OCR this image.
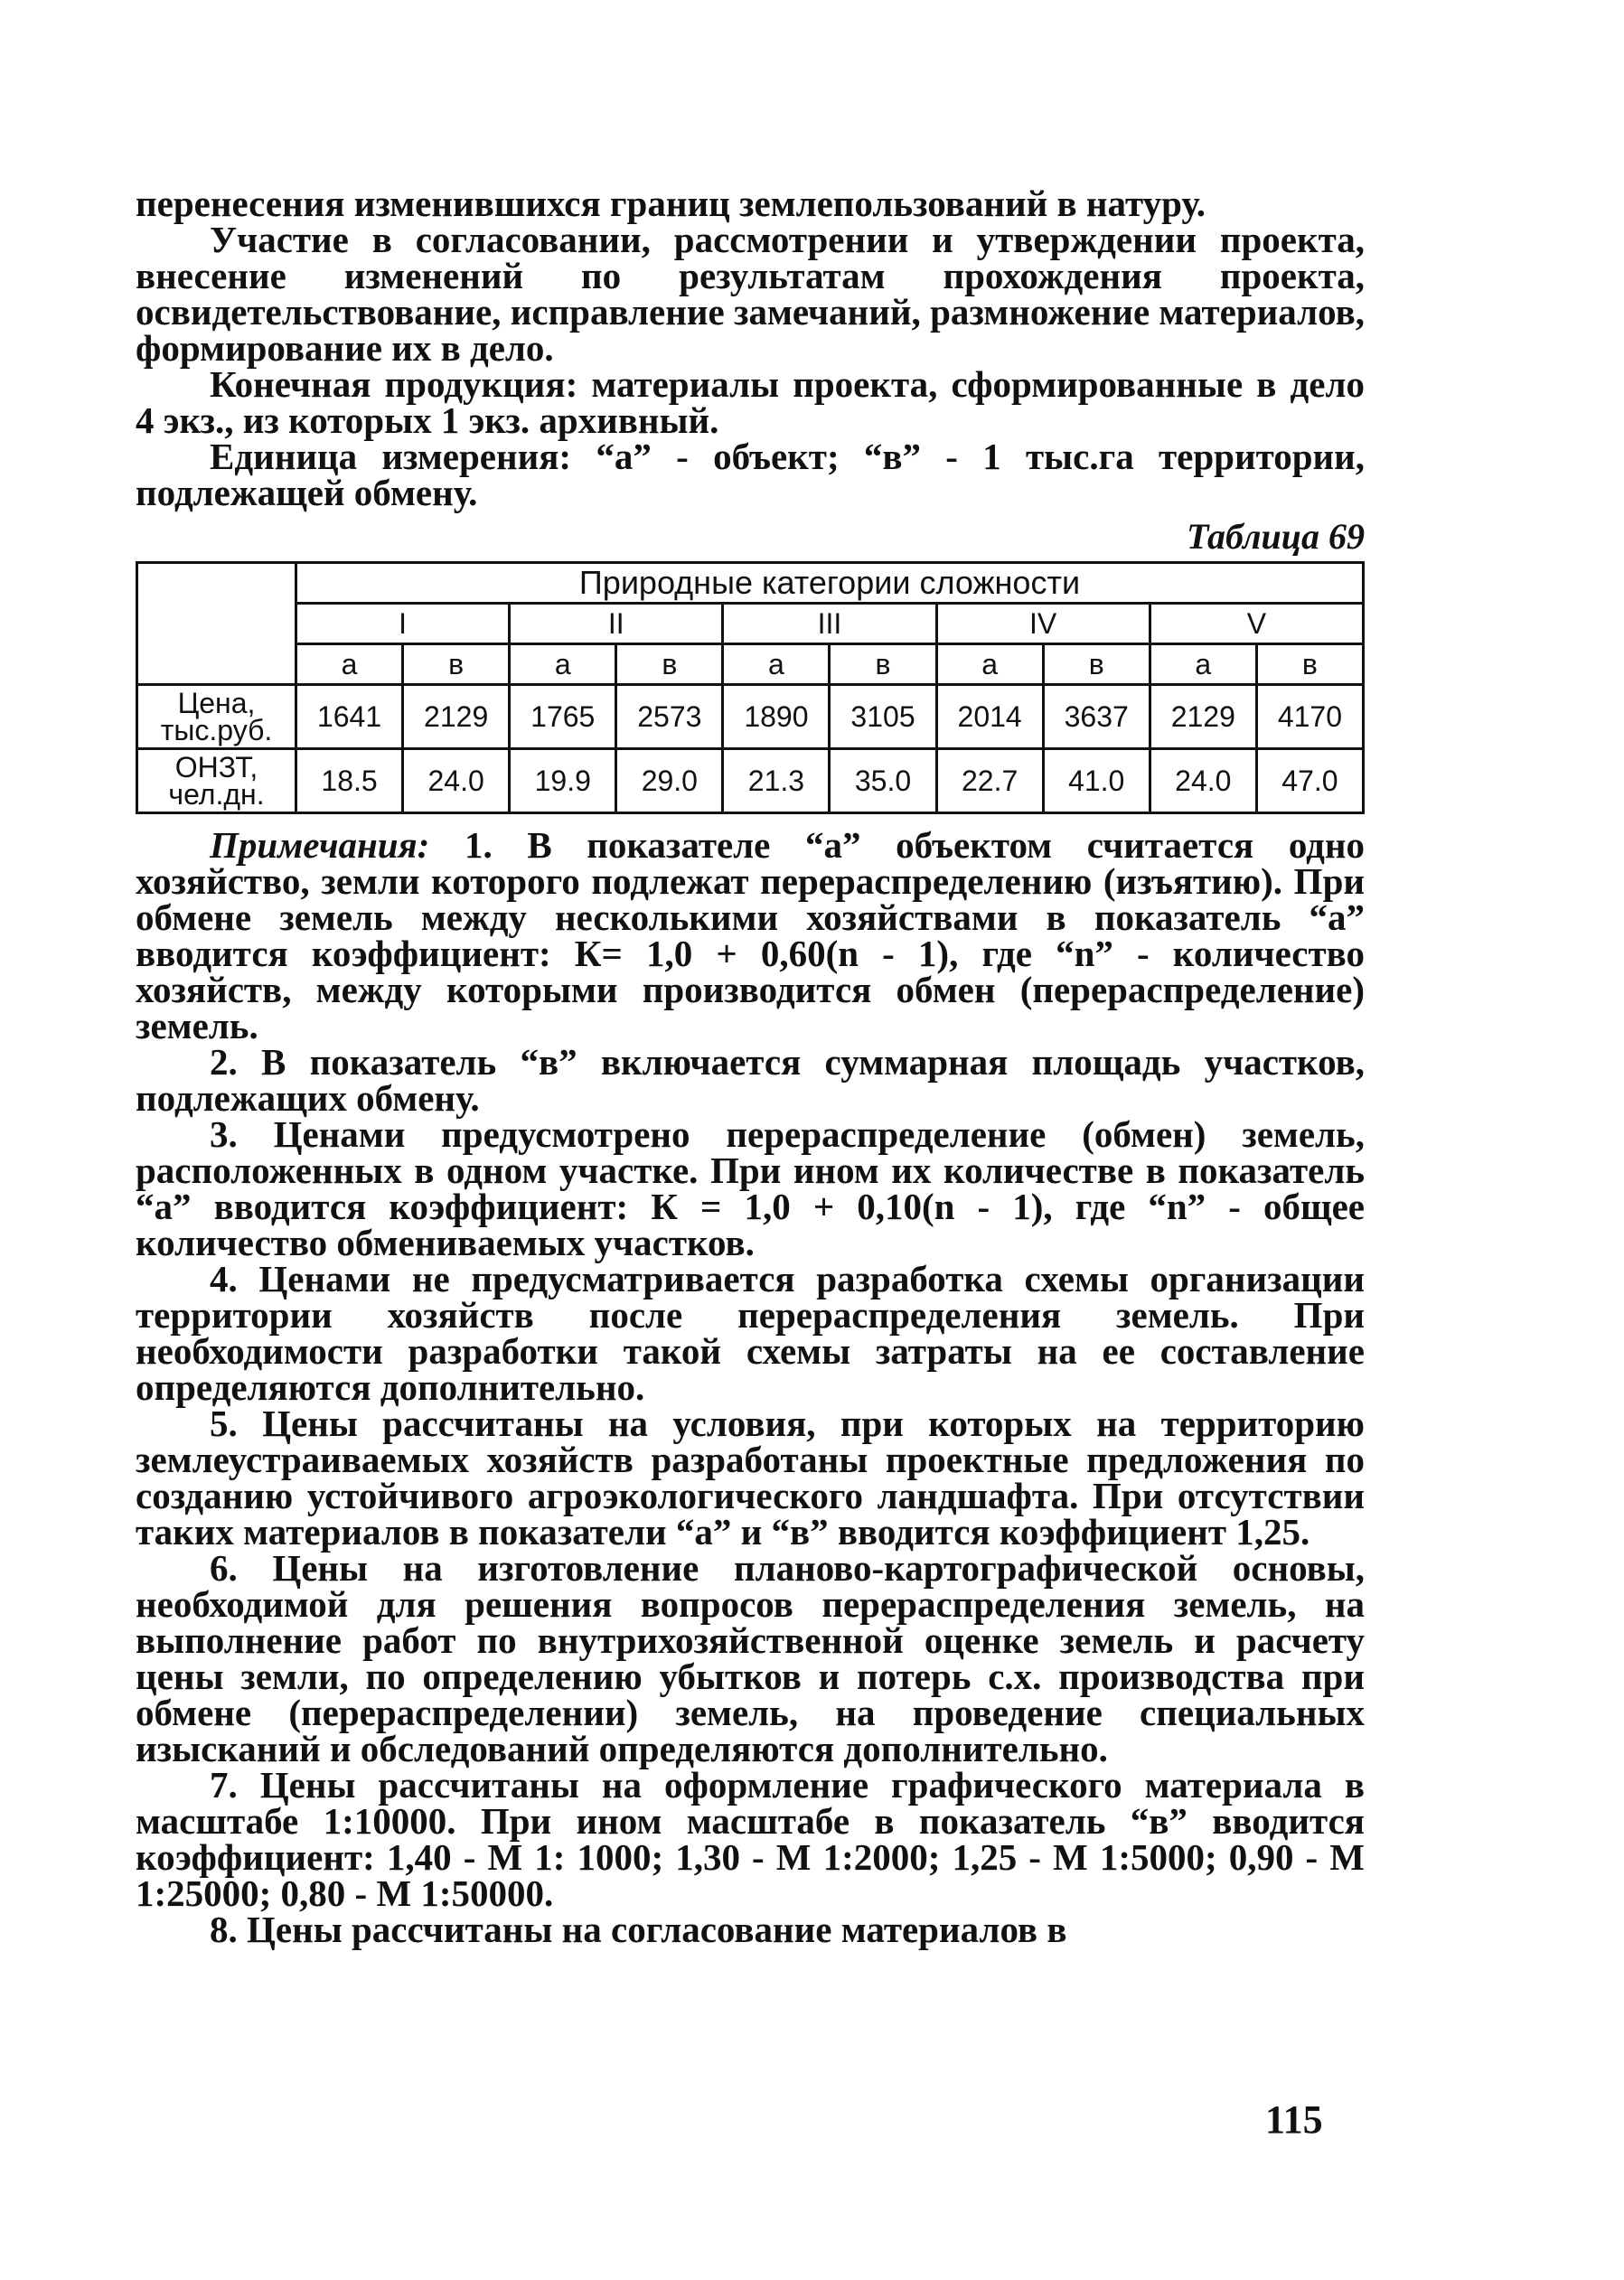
перенесения изменившихся границ землепользований в натуру.

Участие в согласовании, рассмотрении и утверждении проекта, внесение изменений по результатам прохождения проекта, освидетельствование, исправление замечаний, размножение материалов, формирование их в дело.

Конечная продукция: материалы проекта, сформированные в дело 4 экз., из которых 1 экз. архивный.

Единица измерения: “а” - объект; “в” - 1 тыс.га территории, подлежащей обмену.

Таблица 69
	Природные категории сложности									
	I		II		III		IV		V	
	а	в	а	в	а	в	а	в	а	в
Цена, тыс.руб.	1641	2129	1765	2573	1890	3105	2014	3637	2129	4170
ОНЗТ, чел.дн.	18.5	24.0	19.9	29.0	21.3	35.0	22.7	41.0	24.0	47.0

Примечания: 1. В показателе “а” объектом считается одно хозяйство, земли которого подлежат перераспределению (изъятию). При обмене земель между несколькими хозяйствами в показатель “а” вводится коэффициент: К= 1,0 + 0,60(n - 1), где “n” - количество хозяйств, между которыми производится обмен (перераспределение) земель.

2. В показатель “в” включается суммарная площадь участков, подлежащих обмену.

3. Ценами предусмотрено перераспределение (обмен) земель, расположенных в одном участке. При ином их количестве в показатель “а” вводится коэффициент: К = 1,0 + 0,10(n - 1), где “n” - общее количество обмениваемых участков.

4. Ценами не предусматривается разработка схемы организации территории хозяйств после перераспределения земель. При необходимости разработки такой схемы затраты на ее составление определяются дополнительно.

5. Цены рассчитаны на условия, при которых на территорию землеустраиваемых хозяйств разработаны проектные предложения по созданию устойчивого агроэкологического ландшафта. При отсутствии таких материалов в показатели “а” и “в” вводится коэффициент 1,25.

6. Цены на изготовление планово-картографической основы, необходимой для решения вопросов перераспределения земель, на выполнение работ по внутрихозяйственной оценке земель и расчету цены земли, по определению убытков и потерь с.х. производства при обмене (перераспределении) земель, на проведение специальных изысканий и обследований определяются дополнительно.

7. Цены рассчитаны на оформление графического материала в масштабе 1:10000. При ином масштабе в показатель “в” вводится коэффициент: 1,40 - М 1: 1000; 1,30 - М 1:2000; 1,25 - М 1:5000; 0,90 - М 1:25000; 0,80 - М 1:50000.

8. Цены рассчитаны на согласование материалов в

115
